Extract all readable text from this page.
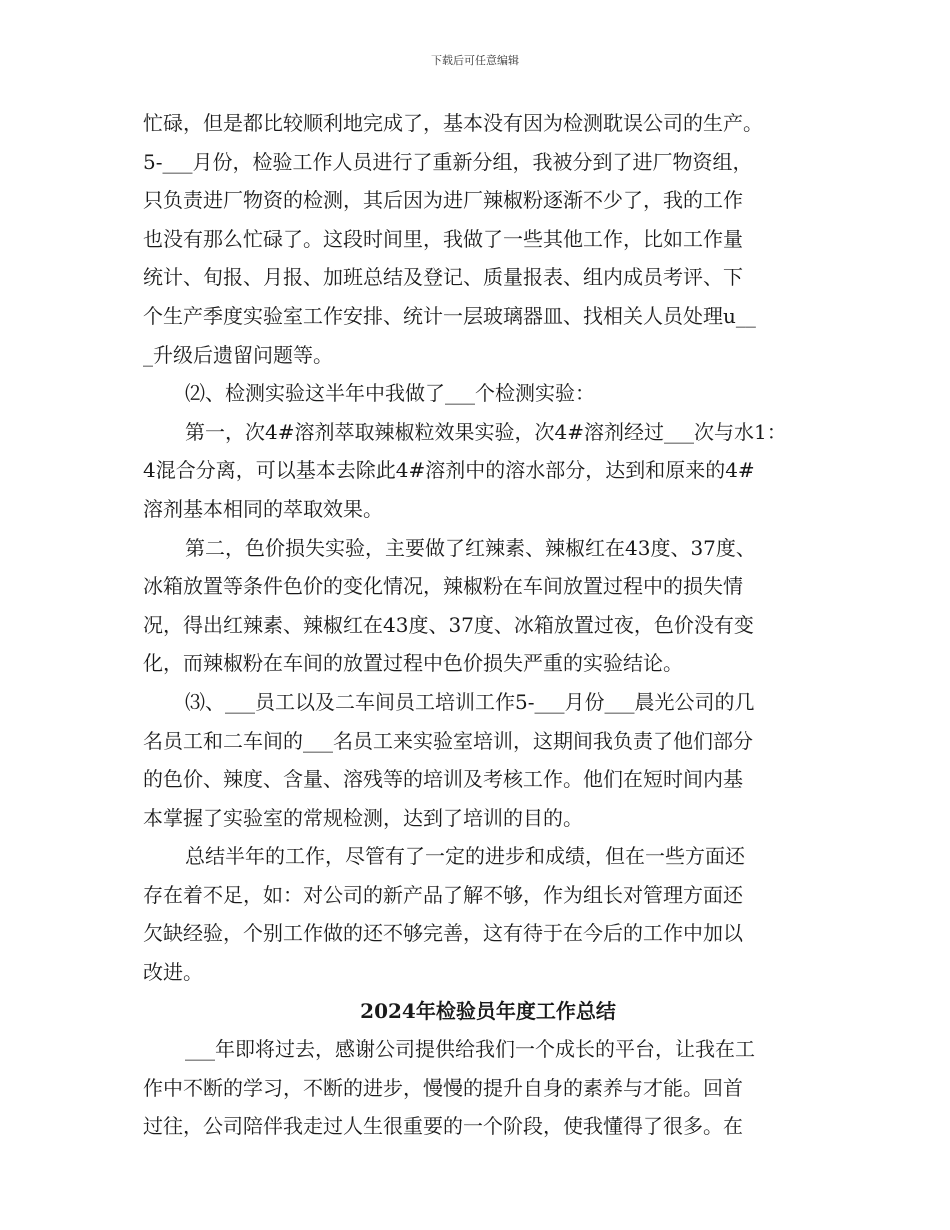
下载后可任意编辑
忙碌，但是都比较顺利地完成了，基本没有因为检测耽误公司的生产。
5-___月份，检验工作人员进行了重新分组，我被分到了进厂物资组，
只负责进厂物资的检测，其后因为进厂辣椒粉逐渐不少了，我的工作
也没有那么忙碌了。这段时间里，我做了一些其他工作，比如工作量
统计、旬报、月报、加班总结及登记、质量报表、组内成员考评、下
个生产季度实验室工作安排、统计一层玻璃器皿、找相关人员处理u__
_升级后遗留问题等。
⑵、检测实验这半年中我做了___个检测实验：
第一，次4#溶剂萃取辣椒粒效果实验，次4#溶剂经过___次与水1：
4混合分离，可以基本去除此4#溶剂中的溶水部分，达到和原来的4#
溶剂基本相同的萃取效果。
第二，色价损失实验，主要做了红辣素、辣椒红在43度、37度、
冰箱放置等条件色价的变化情况，辣椒粉在车间放置过程中的损失情
况，得出红辣素、辣椒红在43度、37度、冰箱放置过夜，色价没有变
化，而辣椒粉在车间的放置过程中色价损失严重的实验结论。
⑶、___员工以及二车间员工培训工作5-___月份___晨光公司的几
名员工和二车间的___名员工来实验室培训，这期间我负责了他们部分
的色价、辣度、含量、溶残等的培训及考核工作。他们在短时间内基
本掌握了实验室的常规检测，达到了培训的目的。
总结半年的工作，尽管有了一定的进步和成绩，但在一些方面还
存在着不足，如：对公司的新产品了解不够，作为组长对管理方面还
欠缺经验，个别工作做的还不够完善，这有待于在今后的工作中加以
改进。
2024年检验员年度工作总结
___年即将过去，感谢公司提供给我们一个成长的平台，让我在工
作中不断的学习，不断的进步，慢慢的提升自身的素养与才能。回首
过往，公司陪伴我走过人生很重要的一个阶段，使我懂得了很多。在
